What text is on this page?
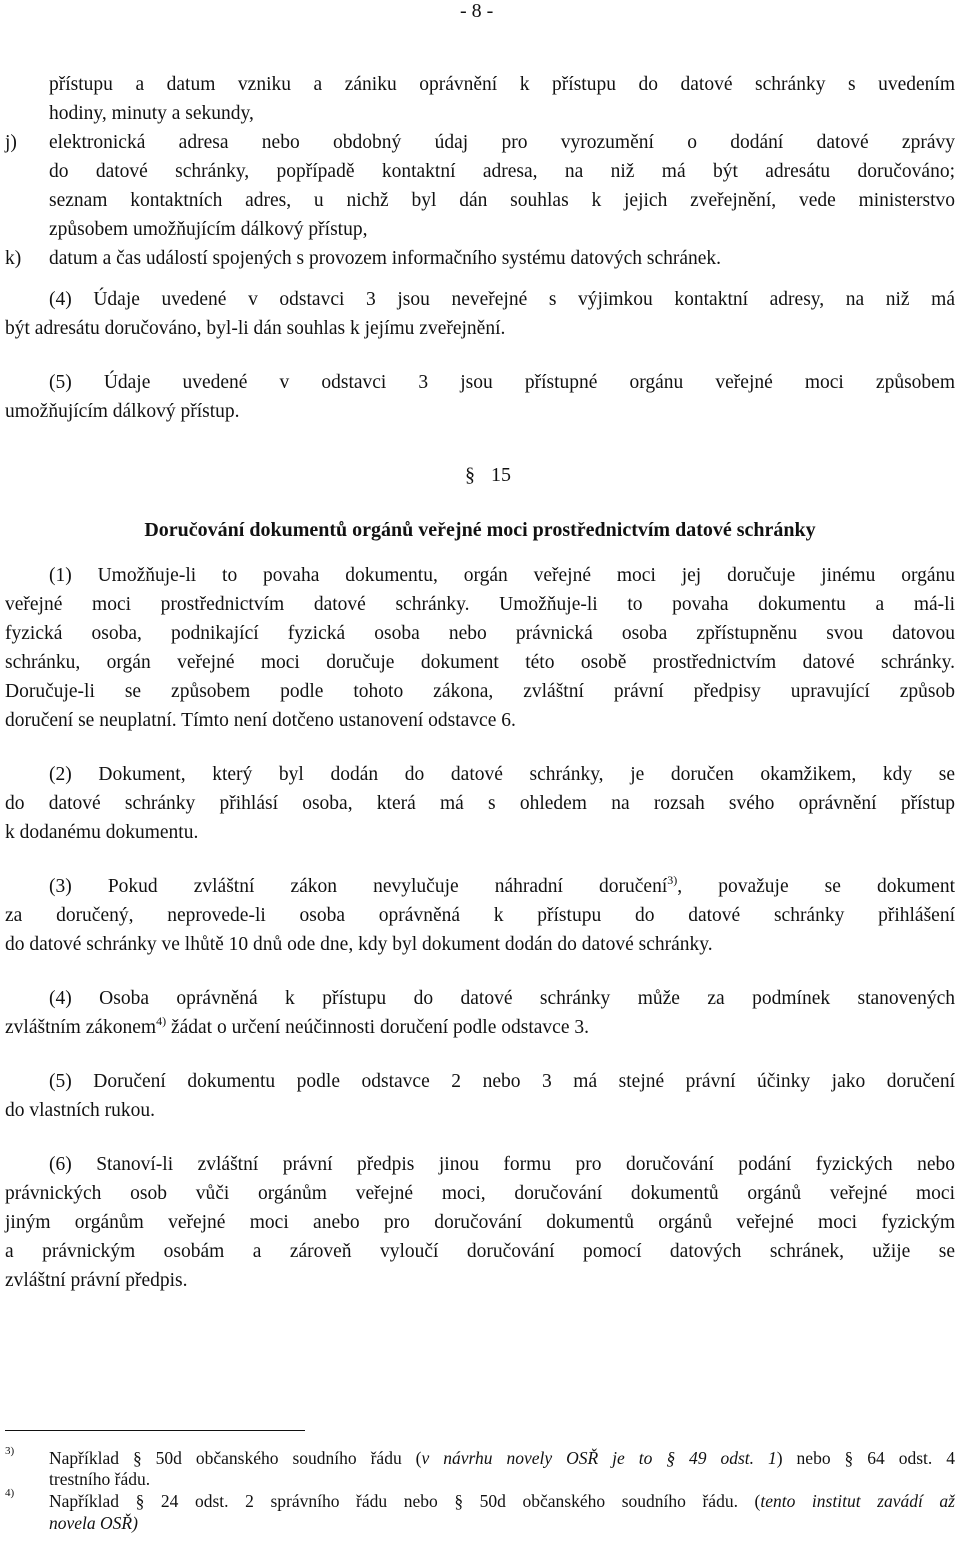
- 8 -
přístupu a datum vzniku a zániku oprávnění k přístupu do datové schránky s uvedením
hodiny, minuty a sekundy,
j) elektronická adresa nebo obdobný údaj pro vyrozumění o dodání datové zprávy
do datové schránky, popřípadě kontaktní adresa, na niž má být adresátu doručováno;
seznam kontaktních adres, u nichž byl dán souhlas k jejich zveřejnění, vede ministerstvo
způsobem umožňujícím dálkový přístup,
k) datum a čas událostí spojených s provozem informačního systému datových schránek.
(4) Údaje uvedené v odstavci 3 jsou neveřejné s výjimkou kontaktní adresy, na niž má
být adresátu doručováno, byl-li dán souhlas k jejímu zveřejnění.
(5) Údaje uvedené v odstavci 3 jsou přístupné orgánu veřejné moci způsobem
umožňujícím dálkový přístup.
§ 15
Doručování dokumentů orgánů veřejné moci prostřednictvím datové schránky
(1) Umožňuje-li to povaha dokumentu, orgán veřejné moci jej doručuje jinému orgánu
veřejné moci prostřednictvím datové schránky. Umožňuje-li to povaha dokumentu a má-li
fyzická osoba, podnikající fyzická osoba nebo právnická osoba zpřístupněnu svou datovou
schránku, orgán veřejné moci doručuje dokument této osobě prostřednictvím datové schránky.
Doručuje-li se způsobem podle tohoto zákona, zvláštní právní předpisy upravující způsob
doručení se neuplatní. Tímto není dotčeno ustanovení odstavce 6.
(2) Dokument, který byl dodán do datové schránky, je doručen okamžikem, kdy se
do datové schránky přihlásí osoba, která má s ohledem na rozsah svého oprávnění přístup
k dodanému dokumentu.
(3) Pokud zvláštní zákon nevylučuje náhradní doručení$^{3)}$, považuje se dokument
za doručený, neprovede-li osoba oprávněná k přístupu do datové schránky přihlášení
do datové schránky ve lhůtě 10 dnů ode dne, kdy byl dokument dodán do datové schránky.
(4) Osoba oprávněná k přístupu do datové schránky může za podmínek stanovených
zvláštním zákonem$^{4)}$ žádat o určení neúčinnosti doručení podle odstavce 3.
(5) Doručení dokumentu podle odstavce 2 nebo 3 má stejné právní účinky jako doručení
do vlastních rukou.
(6) Stanoví-li zvláštní právní předpis jinou formu pro doručování podání fyzických nebo
právnických osob vůči orgánům veřejné moci, doručování dokumentů orgánů veřejné moci
jiným orgánům veřejné moci anebo pro doručování dokumentů orgánů veřejné moci fyzickým
a právnickým osobám a zároveň vyloučí doručování pomocí datových schránek, užije se
zvláštní právní předpis.
3) Například § 50d občanského soudního řádu (v návrhu novely OSŘ je to § 49 odst. 1) nebo § 64 odst. 4
trestního řádu.
4) Například § 24 odst. 2 správního řádu nebo § 50d občanského soudního řádu. (tento institut zavádí až
novela OSŘ)
